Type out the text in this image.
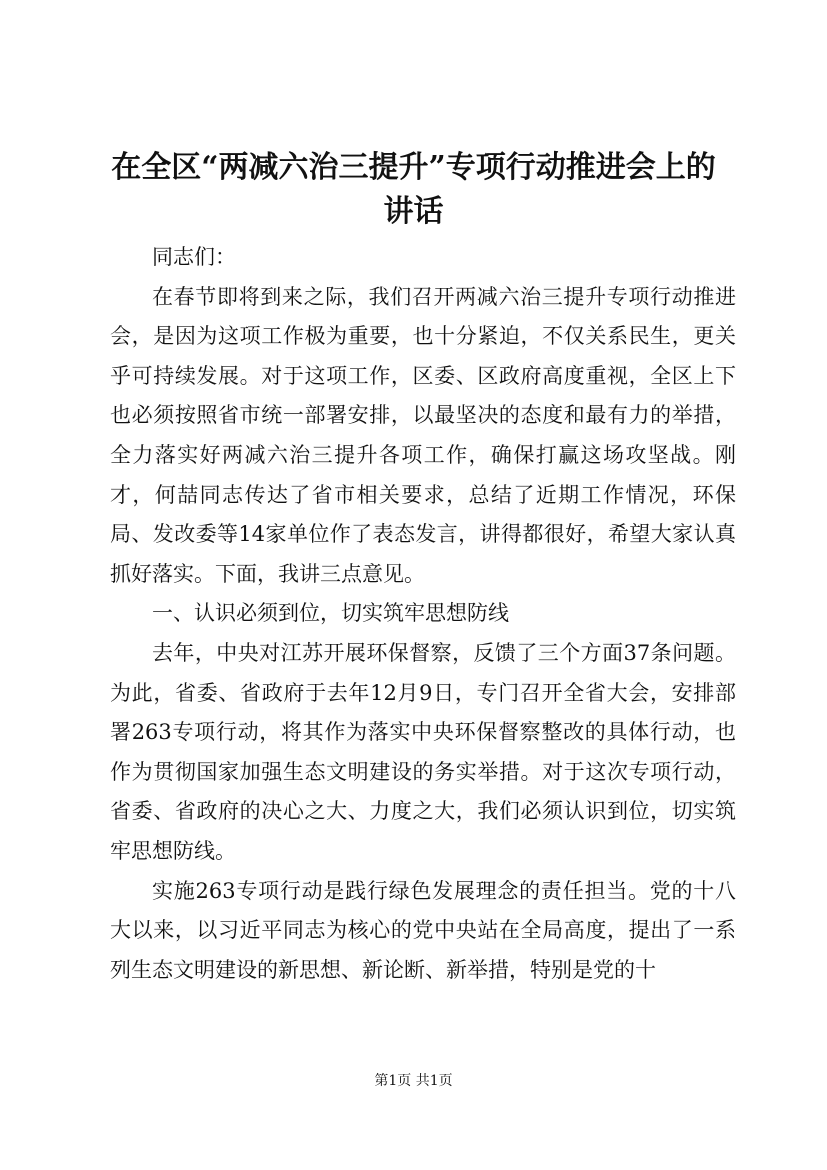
在全区“两减六治三提升”专项行动推进会上的讲话

同志们：

在春节即将到来之际，我们召开两减六治三提升专项行动推进会，是因为这项工作极为重要，也十分紧迫，不仅关系民生，更关乎可持续发展。对于这项工作，区委、区政府高度重视，全区上下也必须按照省市统一部署安排，以最坚决的态度和最有力的举措，全力落实好两减六治三提升各项工作，确保打赢这场攻坚战。刚才，何喆同志传达了省市相关要求，总结了近期工作情况，环保局、发改委等14家单位作了表态发言，讲得都很好，希望大家认真抓好落实。下面，我讲三点意见。

一、认识必须到位，切实筑牢思想防线

去年，中央对江苏开展环保督察，反馈了三个方面37条问题。为此，省委、省政府于去年12月9日，专门召开全省大会，安排部署263专项行动，将其作为落实中央环保督察整改的具体行动，也作为贯彻国家加强生态文明建设的务实举措。对于这次专项行动，省委、省政府的决心之大、力度之大，我们必须认识到位，切实筑牢思想防线。

实施263专项行动是践行绿色发展理念的责任担当。党的十八大以来，以习近平同志为核心的党中央站在全局高度，提出了一系列生态文明建设的新思想、新论断、新举措，特别是党的十

第1页 共1页
